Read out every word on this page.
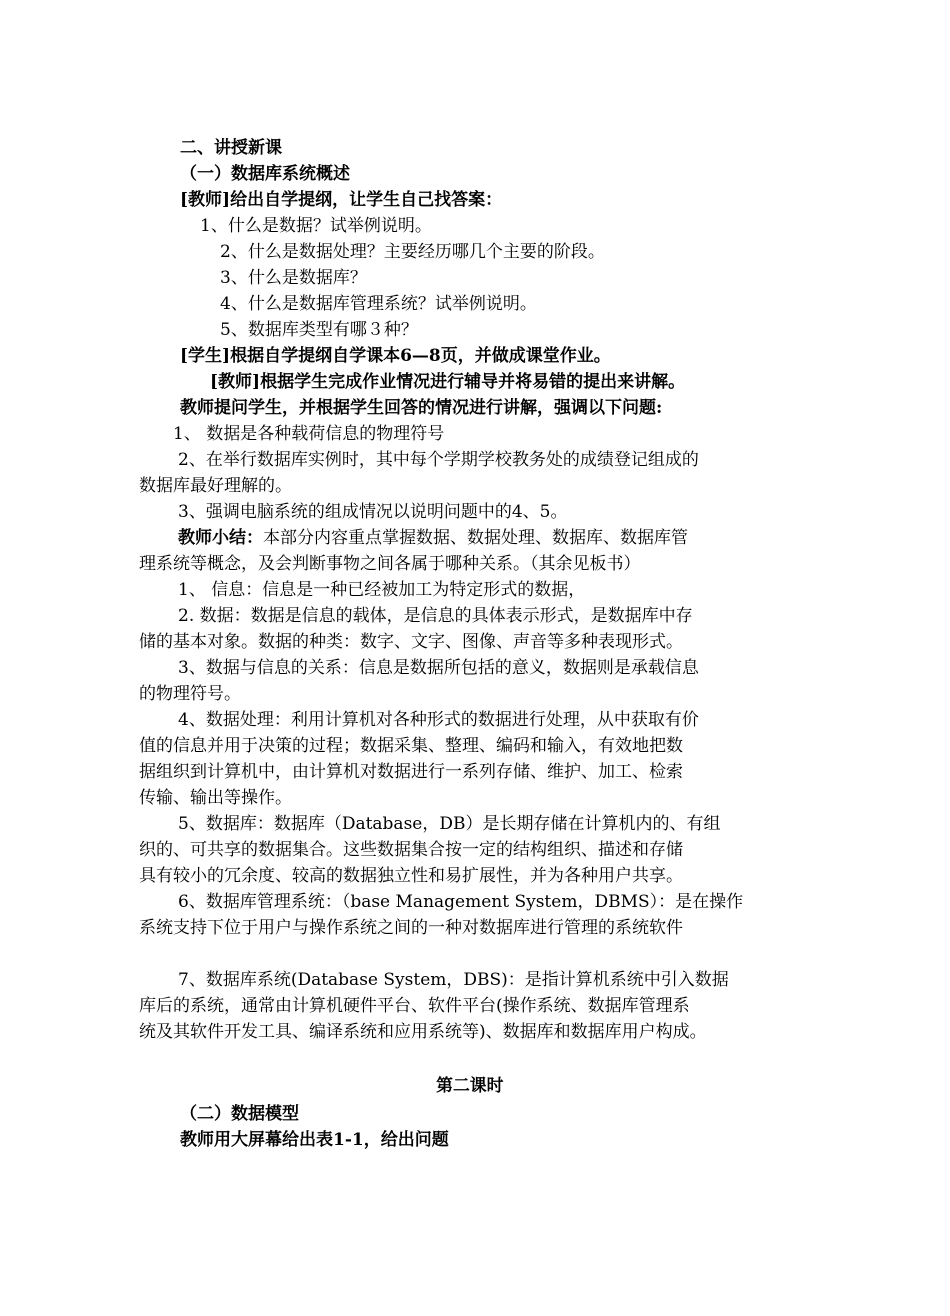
二、讲授新课
（一）数据库系统概述
[教师]给出自学提纲，让学生自己找答案：
1、什么是数据？试举例说明。
2、什么是数据处理？主要经历哪几个主要的阶段。
3、什么是数据库？
4、什么是数据库管理系统？试举例说明。
5、数据库类型有哪３种？
[学生]根据自学提纲自学课本6—8页，并做成课堂作业。
[教师]根据学生完成作业情况进行辅导并将易错的提出来讲解。
教师提问学生，并根据学生回答的情况进行讲解，强调以下问题:
1、 数据是各种载荷信息的物理符号
2、在举行数据库实例时，其中每个学期学校教务处的成绩登记组成的
数据库最好理解的。
3、强调电脑系统的组成情况以说明问题中的4、5。
教师小结：本部分内容重点掌握数据、数据处理、数据库、数据库管
理系统等概念，及会判断事物之间各属于哪种关系。（其余见板书）
1、 信息：信息是一种已经被加工为特定形式的数据，
2. 数据：数据是信息的载体，是信息的具体表示形式，是数据库中存
储的基本对象。数据的种类：数字、文字、图像、声音等多种表现形式。
3、数据与信息的关系：信息是数据所包括的意义，数据则是承载信息
的物理符号。
4、数据处理：利用计算机对各种形式的数据进行处理，从中获取有价
值的信息并用于决策的过程；数据采集、整理、编码和输入，有效地把数
据组织到计算机中，由计算机对数据进行一系列存储、维护、加工、检索
传输、输出等操作。
5、数据库：数据库（Database，DB）是长期存储在计算机内的、有组
织的、可共享的数据集合。这些数据集合按一定的结构组织、描述和存储
具有较小的冗余度、较高的数据独立性和易扩展性，并为各种用户共享。
6、数据库管理系统：（base Management System，DBMS）：是在操作
系统支持下位于用户与操作系统之间的一种对数据库进行管理的系统软件
7、数据库系统(Database System，DBS)：是指计算机系统中引入数据
库后的系统，通常由计算机硬件平台、软件平台(操作系统、数据库管理系
统及其软件开发工具、编译系统和应用系统等)、数据库和数据库用户构成。
第二课时
（二）数据模型
教师用大屏幕给出表1-1，给出问题
